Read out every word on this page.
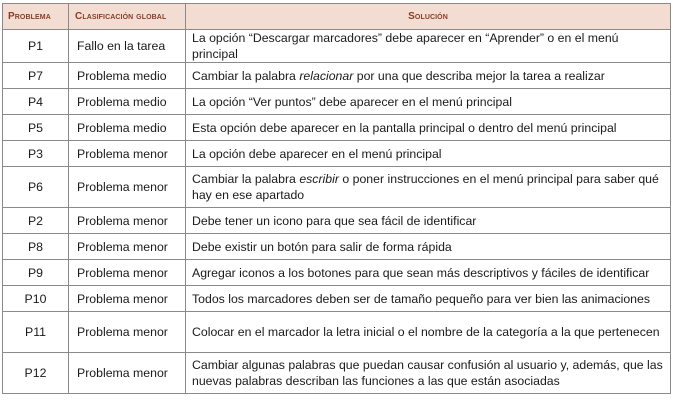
Problema	Clasificación global	Solución
P1	Fallo en la tarea	La opción “Descargar marcadores” debe aparecer en “Aprender” o en el menú principal
P7	Problema medio	Cambiar la palabra relacionar por una que describa mejor la tarea a realizar
P4	Problema medio	La opción “Ver puntos” debe aparecer en el menú principal
P5	Problema medio	Esta opción debe aparecer en la pantalla principal o dentro del menú principal
P3	Problema menor	La opción debe aparecer en el menú principal
P6	Problema menor	Cambiar la palabra escribir o poner instrucciones en el menú principal para saber qué hay en ese apartado
P2	Problema menor	Debe tener un icono para que sea fácil de identificar
P8	Problema menor	Debe existir un botón para salir de forma rápida
P9	Problema menor	Agregar iconos a los botones para que sean más descriptivos y fáciles de identificar
P10	Problema menor	Todos los marcadores deben ser de tamaño pequeño para ver bien las animaciones
P11	Problema menor	Colocar en el marcador la letra inicial o el nombre de la categoría a la que pertenecen
P12	Problema menor	Cambiar algunas palabras que puedan causar confusión al usuario y, además, que las nuevas palabras describan las funciones a las que están asociadas
